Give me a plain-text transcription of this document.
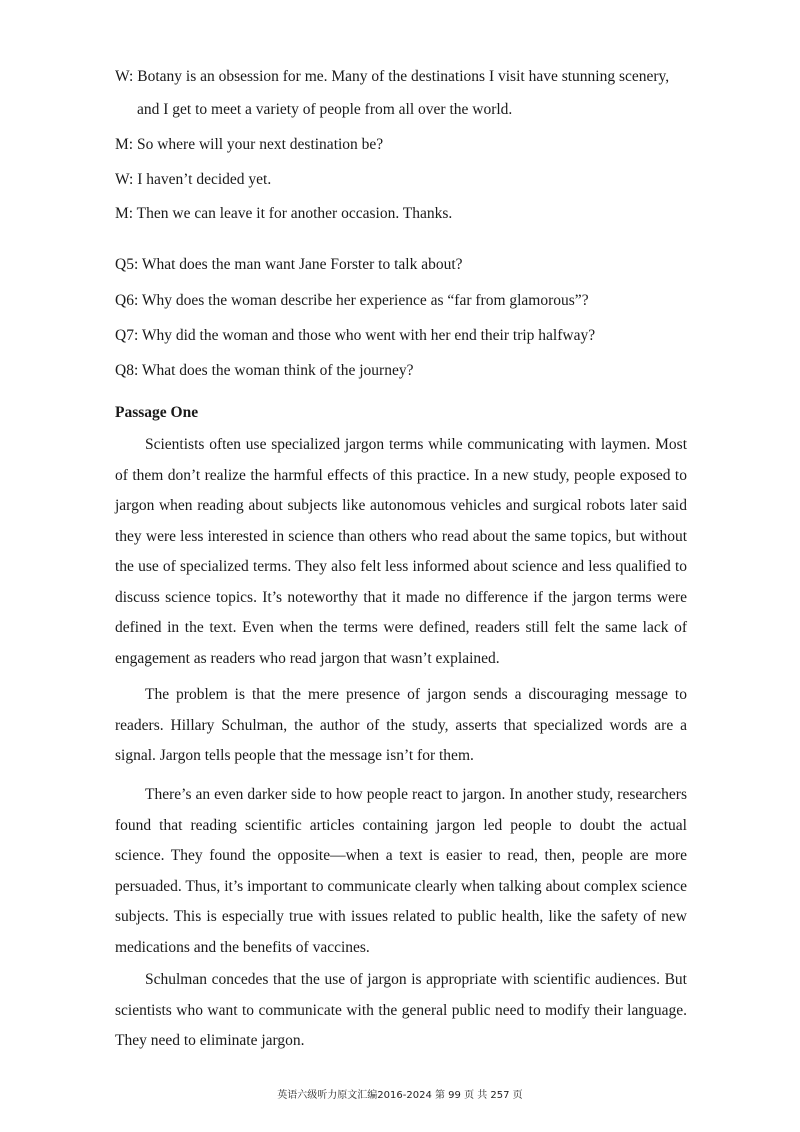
W: Botany is an obsession for me. Many of the destinations I visit have stunning scenery,
and I get to meet a variety of people from all over the world.
M: So where will your next destination be?
W: I haven’t decided yet.
M: Then we can leave it for another occasion. Thanks.
Q5: What does the man want Jane Forster to talk about?
Q6: Why does the woman describe her experience as “far from glamorous”?
Q7: Why did the woman and those who went with her end their trip halfway?
Q8: What does the woman think of the journey?
Passage One

Scientists often use specialized jargon terms while communicating with laymen. Most of them don’t realize the harmful effects of this practice. In a new study, people exposed to jargon when reading about subjects like autonomous vehicles and surgical robots later said they were less interested in science than others who read about the same topics, but without the use of specialized terms. They also felt less informed about science and less qualified to discuss science topics. It’s noteworthy that it made no difference if the jargon terms were defined in the text. Even when the terms were defined, readers still felt the same lack of engagement as readers who read jargon that wasn’t explained.

The problem is that the mere presence of jargon sends a discouraging message to readers. Hillary Schulman, the author of the study, asserts that specialized words are a signal. Jargon tells people that the message isn’t for them.

There’s an even darker side to how people react to jargon. In another study, researchers found that reading scientific articles containing jargon led people to doubt the actual science. They found the opposite—when a text is easier to read, then, people are more persuaded. Thus, it’s important to communicate clearly when talking about complex science subjects. This is especially true with issues related to public health, like the safety of new medications and the benefits of vaccines.

Schulman concedes that the use of jargon is appropriate with scientific audiences. But scientists who want to communicate with the general public need to modify their language. They need to eliminate jargon.

英语六级听力原文汇编2016-2024 第 99 页 共 257 页
